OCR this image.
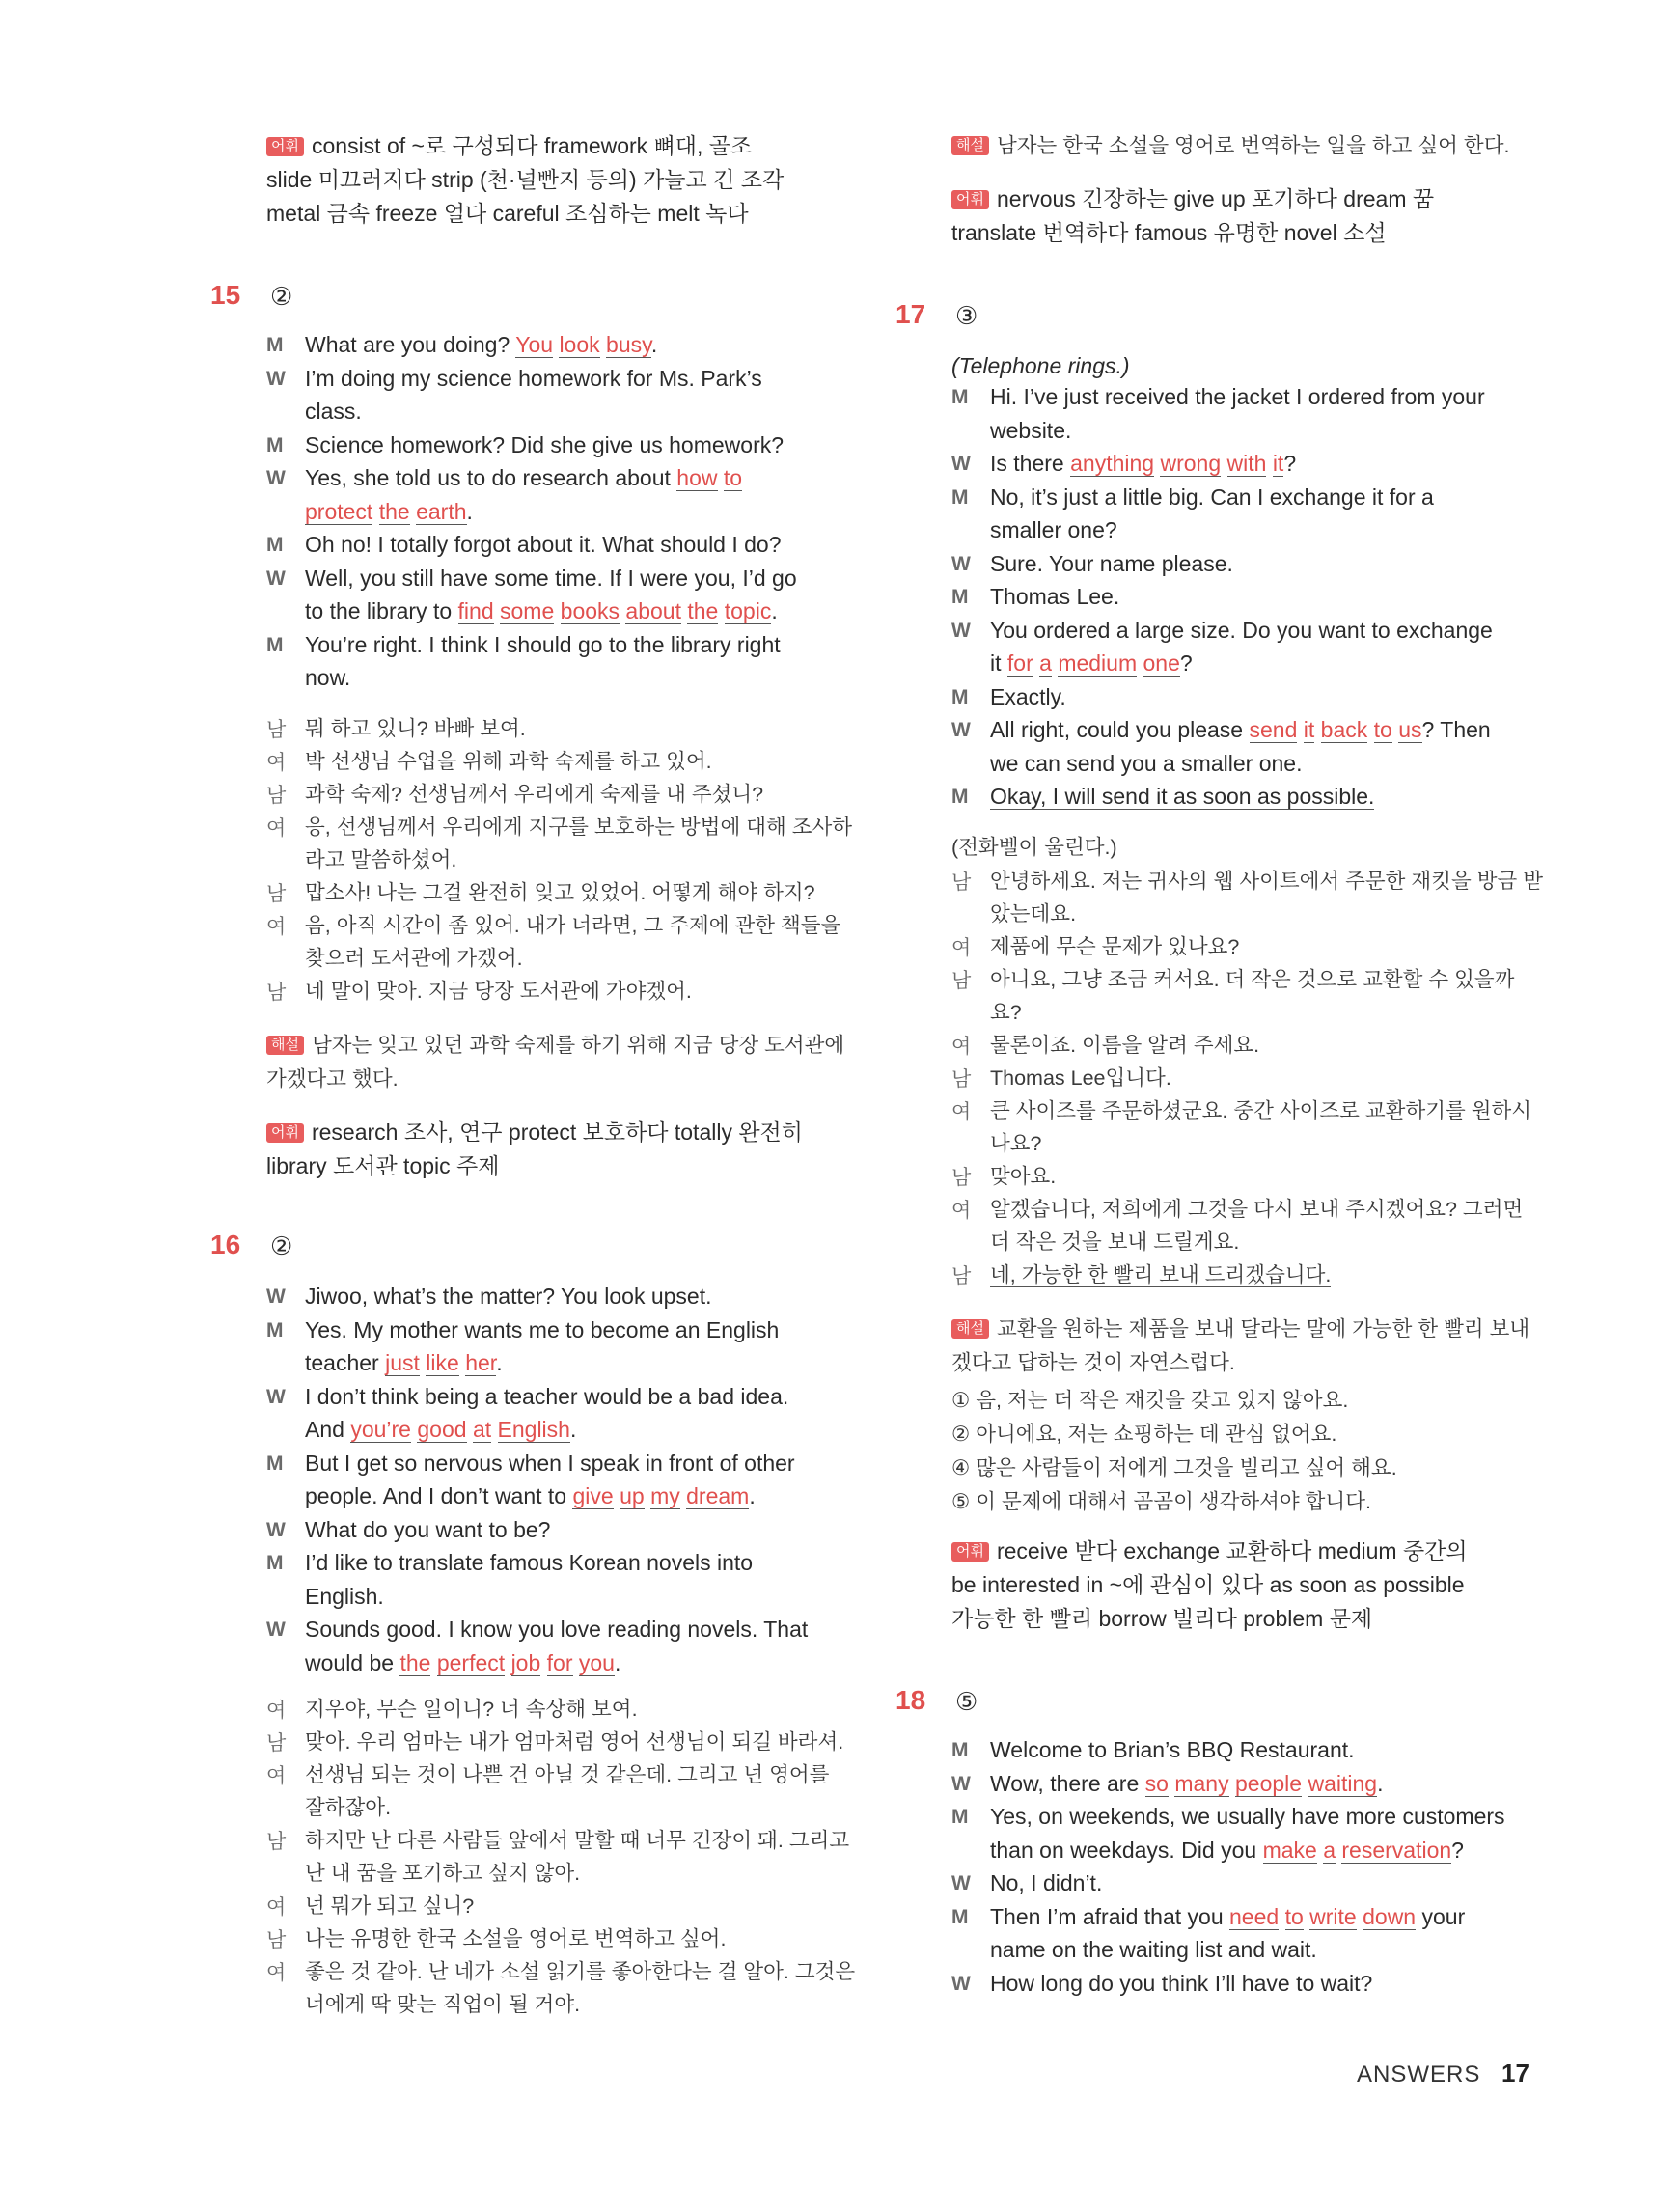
어휘 consist of ~로 구성되다 framework 뼈대, 골조
slide 미끄러지다 strip (천·널빤지 등의) 가늘고 긴 조각
metal 금속 freeze 얼다 careful 조심하는 melt 녹다
15 ②
M What are you doing? You look busy.
W I’m doing my science homework for Ms. Park’s
class.
M Science homework? Did she give us homework?
W Yes, she told us to do research about how to
protect the earth.
M Oh no! I totally forgot about it. What should I do?
W Well, you still have some time. If I were you, I’d go
to the library to find some books about the topic.
M You’re right. I think I should go to the library right
now.
남 뭐 하고 있니? 바빠 보여.
여 박 선생님 수업을 위해 과학 숙제를 하고 있어.
남 과학 숙제? 선생님께서 우리에게 숙제를 내 주셨니?
여 응, 선생님께서 우리에게 지구를 보호하는 방법에 대해 조사하
라고 말씀하셨어.
남 맙소사! 나는 그걸 완전히 잊고 있었어. 어떻게 해야 하지?
여 음, 아직 시간이 좀 있어. 내가 너라면, 그 주제에 관한 책들을
찾으러 도서관에 가겠어.
남 네 말이 맞아. 지금 당장 도서관에 가야겠어.
해설 남자는 잊고 있던 과학 숙제를 하기 위해 지금 당장 도서관에
가겠다고 했다.
어휘 research 조사, 연구 protect 보호하다 totally 완전히
library 도서관 topic 주제
16 ②
W Jiwoo, what’s the matter? You look upset.
M Yes. My mother wants me to become an English
teacher just like her.
W I don’t think being a teacher would be a bad idea.
And you’re good at English.
M But I get so nervous when I speak in front of other
people. And I don’t want to give up my dream.
W What do you want to be?
M I’d like to translate famous Korean novels into
English.
W Sounds good. I know you love reading novels. That
would be the perfect job for you.
여 지우야, 무슨 일이니? 너 속상해 보여.
남 맞아. 우리 엄마는 내가 엄마처럼 영어 선생님이 되길 바라셔.
여 선생님 되는 것이 나쁜 건 아닐 것 같은데. 그리고 넌 영어를
잘하잖아.
남 하지만 난 다른 사람들 앞에서 말할 때 너무 긴장이 돼. 그리고
난 내 꿈을 포기하고 싶지 않아.
여 넌 뭐가 되고 싶니?
남 나는 유명한 한국 소설을 영어로 번역하고 싶어.
여 좋은 것 같아. 난 네가 소설 읽기를 좋아한다는 걸 알아. 그것은
너에게 딱 맞는 직업이 될 거야.
해설 남자는 한국 소설을 영어로 번역하는 일을 하고 싶어 한다.
어휘 nervous 긴장하는 give up 포기하다 dream 꿈
translate 번역하다 famous 유명한 novel 소설
17 ③
(Telephone rings.)
M Hi. I’ve just received the jacket I ordered from your
website.
W Is there anything wrong with it?
M No, it’s just a little big. Can I exchange it for a
smaller one?
W Sure. Your name please.
M Thomas Lee.
W You ordered a large size. Do you want to exchange
it for a medium one?
M Exactly.
W All right, could you please send it back to us? Then
we can send you a smaller one.
M Okay, I will send it as soon as possible.
(전화벨이 울린다.)
남 안녕하세요. 저는 귀사의 웹 사이트에서 주문한 재킷을 방금 받
았는데요.
여 제품에 무슨 문제가 있나요?
남 아니요, 그냥 조금 커서요. 더 작은 것으로 교환할 수 있을까
요?
여 물론이죠. 이름을 알려 주세요.
남 Thomas Lee입니다.
여 큰 사이즈를 주문하셨군요. 중간 사이즈로 교환하기를 원하시
나요?
남 맞아요.
여 알겠습니다, 저희에게 그것을 다시 보내 주시겠어요? 그러면
더 작은 것을 보내 드릴게요.
남 네, 가능한 한 빨리 보내 드리겠습니다.
해설 교환을 원하는 제품을 보내 달라는 말에 가능한 한 빨리 보내
겠다고 답하는 것이 자연스럽다.
① 음, 저는 더 작은 재킷을 갖고 있지 않아요.
② 아니에요, 저는 쇼핑하는 데 관심 없어요.
④ 많은 사람들이 저에게 그것을 빌리고 싶어 해요.
⑤ 이 문제에 대해서 곰곰이 생각하셔야 합니다.
어휘 receive 받다 exchange 교환하다 medium 중간의
be interested in ~에 관심이 있다 as soon as possible
가능한 한 빨리 borrow 빌리다 problem 문제
18 ⑤
M Welcome to Brian’s BBQ Restaurant.
W Wow, there are so many people waiting.
M Yes, on weekends, we usually have more customers
than on weekdays. Did you make a reservation?
W No, I didn’t.
M Then I’m afraid that you need to write down your
name on the waiting list and wait.
W How long do you think I’ll have to wait?
ANSWERS 17
